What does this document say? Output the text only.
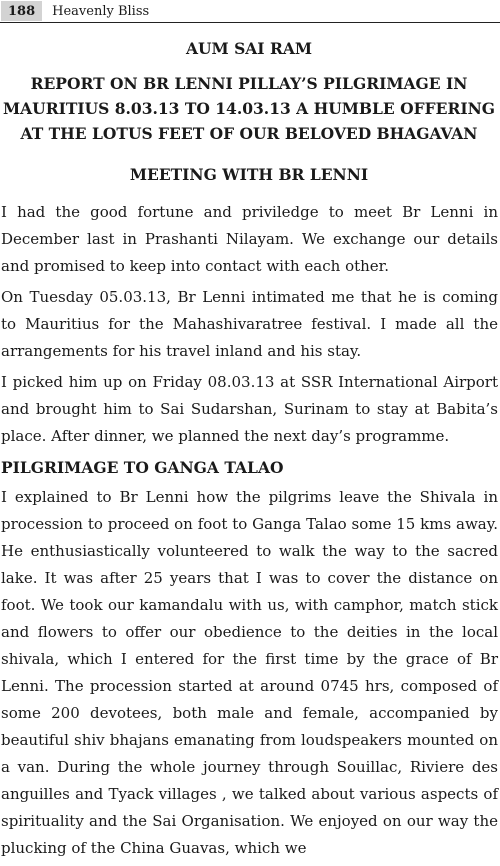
188	Heavenly Bliss

AUM SAI RAM

REPORT ON BR LENNI PILLAY’S PILGRIMAGE IN MAURITIUS 8.03.13 TO 14.03.13 A HUMBLE OFFERING AT THE LOTUS FEET OF OUR BELOVED BHAGAVAN

MEETING WITH BR LENNI

I had the good fortune and priviledge to meet Br Lenni in December last in Prashanti Nilayam. We exchange our details and promised to keep into contact with each other.

On Tuesday 05.03.13, Br Lenni intimated me that he is coming to Mauritius for the Mahashivaratree festival. I made all the arrangements for his travel inland and his stay.

I picked him up on Friday 08.03.13 at SSR International Airport and brought him to Sai Sudarshan, Surinam to stay at Babita’s place. After dinner, we planned the next day’s programme.

PILGRIMAGE TO GANGA TALAO

I explained to Br Lenni how the pilgrims leave the Shivala in procession to proceed on foot to Ganga Talao some 15 kms away. He enthusiastically volunteered to walk the way to the sacred lake. It was after 25 years that I was to cover the distance on foot. We took our kamandalu with us, with camphor, match stick and flowers to offer our obedience to the deities in the local shivala, which I entered for the first time by the grace of Br Lenni. The procession started at around 0745 hrs, composed of some 200 devotees, both male and female, accompanied by beautiful shiv bhajans emanating from loudspeakers mounted on a van. During the whole journey through Souillac, Riviere des anguilles and Tyack villages , we talked about various aspects of spirituality and the Sai Organisation. We enjoyed on our way the plucking of the China Guavas, which we
